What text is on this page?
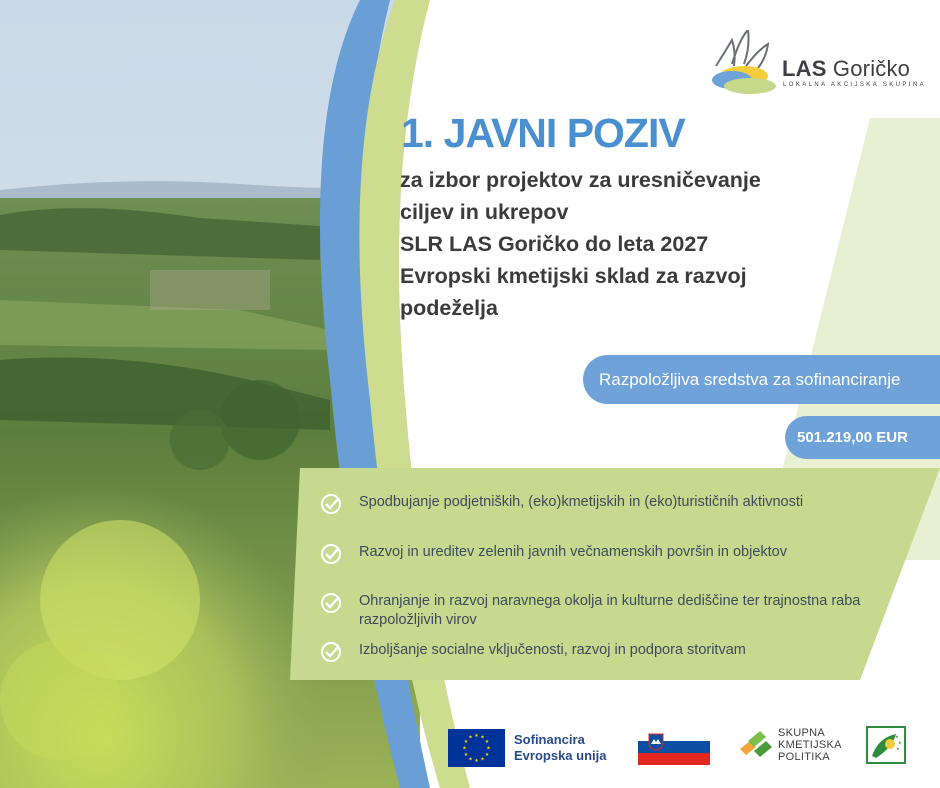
LAS Goričko
LOKALNA AKCIJSKA SKUPINA
1. JAVNI POZIV
za izbor projektov za uresničevanje
ciljev in ukrepov
SLR LAS Goričko do leta 2027
Evropski kmetijski sklad za razvoj
podeželja
Razpoložljiva sredstva za sofinanciranje
501.219,00 EUR
Spodbujanje podjetniških, (eko)kmetijskih in (eko)turističnih aktivnosti
Razvoj in ureditev zelenih javnih večnamenskih površin in objektov
Ohranjanje in razvoj naravnega okolja in kulturne dediščine ter trajnostna raba razpoložljivih virov
Izboljšanje socialne vključenosti, razvoj in podpora storitvam
★ ★
★
★
★
★
★
★
★
★
★
★	Sofinancira
Evropska unija
SKUPNA
KMETIJSKA
POLITIKA
★
★
★
